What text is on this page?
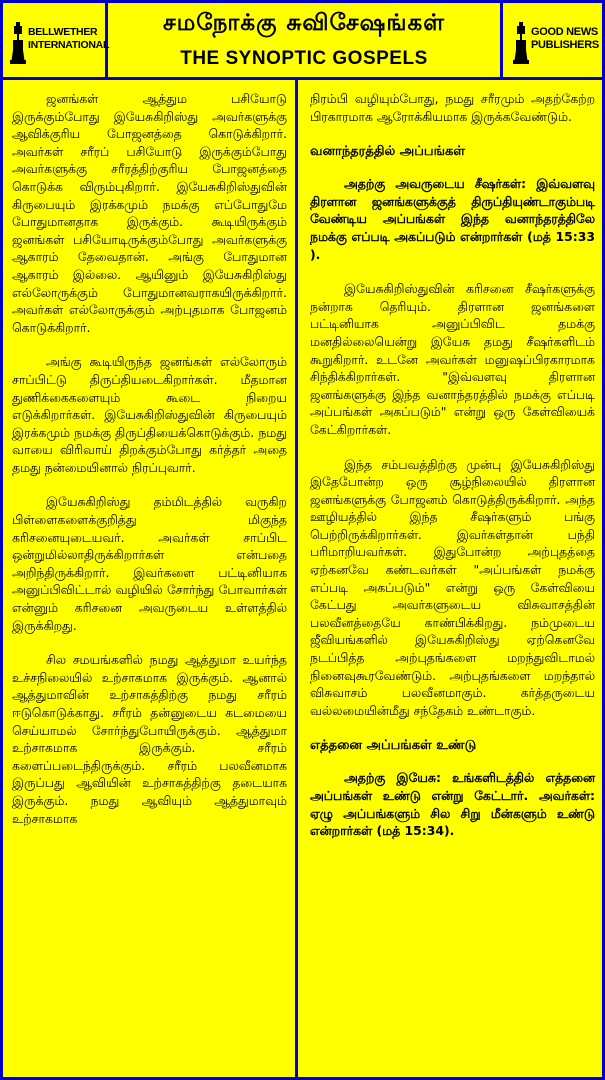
BELLWETHER
INTERNATIONAL
சமநோக்கு சுவிசேஷங்கள்
THE SYNOPTIC GOSPELS
GOOD NEWS
PUBLISHERS

ஜனங்கள் ஆத்தும பசியோடு இருக்கும்போது இயேசுகிறிஸ்து அவர்களுக்கு ஆவிக்குரிய போஜனத்தை கொடுக்கிறார். அவர்கள் சரீரப் பசியோடு இருக்கும்போது அவர்களுக்கு சரீரத்திற்குரிய போஜனத்தை கொடுக்க விரும்புகிறார். இயேசுகிறிஸ்துவின் கிருபையும் இரக்கமும் நமக்கு எப்போதுமே போதுமானதாக இருக்கும். கூடியிருக்கும் ஜனங்கள் பசியோடிருக்கும்போது அவர்களுக்கு ஆகாரம் தேவைதான். அங்கு போதுமான ஆகாரம் இல்லை. ஆயினும் இயேசுகிறிஸ்து எல்லோருக்கும் போதுமானவராகயிருக்கிறார். அவர்கள் எல்லோருக்கும் அற்புதமாக போஜனம் கொடுக்கிறார்.

அங்கு கூடியிருந்த ஜனங்கள் எல்லோரும் சாப்பிட்டு திருப்தியடைகிறார்கள். மீதமான துணிக்கைகளையும் கூடை நிறைய எடுக்கிறார்கள். இயேசுகிறிஸ்துவின் கிருபையும் இரக்கமும் நமக்கு திருப்தியைக்கொடுக்கும். நமது வாயை விரிவாய் திறக்கும்போது கர்த்தர் அதை தமது நன்மையினால் நிரப்புவார்.

இயேசுகிறிஸ்து தம்மிடத்தில் வருகிற பிள்ளைகளைக்குறித்து மிகுந்த கரிசனையுடையவர். அவர்கள் சாப்பிட ஒன்றுமில்லாதிருக்கிறார்கள் என்பதை அறிந்திருக்கிறார். இவர்களை பட்டினியாக அனுப்பிவிட்டால் வழியில் சோர்ந்து போவார்கள் என்னும் கரிசனை அவருடைய உள்ளத்தில் இருக்கிறது.

சில சமயங்களில் நமது ஆத்துமா உயர்ந்த உச்சநிலையில் உற்சாகமாக இருக்கும். ஆனால் ஆத்துமாவின் உற்சாகத்திற்கு நமது சரீரம் ஈடுகொடுக்காது. சரீரம் தன்னுடைய கடமையை செய்யாமல் சோர்ந்துபோயிருக்கும். ஆத்துமா உற்சாகமாக இருக்கும். சரீரம் களைப்படைந்திருக்கும். சரீரம் பலவீனமாக இருப்பது ஆவியின் உற்சாகத்திற்கு தடையாக இருக்கும். நமது ஆவியும் ஆத்துமாவும் உற்சாகமாக

நிரம்பி வழியும்போது, நமது சரீரமும் அதற்கேற்ற பிரகாரமாக ஆரோக்கியமாக இருக்கவேண்டும்.

வனாந்தரத்தில் அப்பங்கள்

அதற்கு அவருடைய சீஷர்கள்: இவ்வளவு திரளான ஜனங்களுக்குத் திருப்தியுண்டாகும்படி வேண்டிய அப்பங்கள் இந்த வனாந்தரத்திலே நமக்கு எப்படி அகப்படும் என்றார்கள் (மத் 15:33 ).

இயேசுகிறிஸ்துவின் கரிசனை சீஷர்களுக்கு நன்றாக தெரியும். திரளான ஜனங்களை பட்டினியாக அனுப்பிவிட தமக்கு மனதில்லையென்று இயேசு தமது சீஷர்களிடம் கூறுகிறார். உடனே அவர்கள் மனுஷப்பிரகாரமாக சிந்திக்கிறார்கள். "இவ்வளவு திரளான ஜனங்களுக்கு இந்த வனாந்தரத்தில் நமக்கு எப்படி அப்பங்கள் அகப்படும்" என்று ஒரு கேள்வியைக் கேட்கிறார்கள்.

இந்த சம்பவத்திற்கு முன்பு இயேசுகிறிஸ்து இதேபோன்ற ஒரு சூழ்நிலையில் திரளான ஜனங்களுக்கு போஜனம் கொடுத்திருக்கிறார். அந்த ஊழியத்தில் இந்த சீஷர்களும் பங்கு பெற்றிருக்கிறார்கள். இவர்கள்தான் பந்தி பரிமாறியவர்கள். இதுபோன்ற அற்புதத்தை ஏற்கனவே கண்டவர்கள் "அப்பங்கள் நமக்கு எப்படி அகப்படும்" என்று ஒரு கேள்வியை கேட்பது அவர்களுடைய விசுவாசத்தின் பலவீனத்தையே காண்பிக்கிறது. நம்முடைய ஜீவியங்களில் இயேசுகிறிஸ்து ஏற்கெனவே நடப்பித்த அற்புதங்களை மறந்துவிடாமல் நினைவுகூரவேண்டும். அற்புதங்களை மறந்தால் விசுவாசம் பலவீனமாகும். கர்த்தருடைய வல்லமையின்மீது சந்தேகம் உண்டாகும்.

எத்தனை அப்பங்கள் உண்டு

அதற்கு இயேசு: உங்களிடத்தில் எத்தனை அப்பங்கள் உண்டு என்று கேட்டார். அவர்கள்: ஏழு அப்பங்களும் சில சிறு மீன்களும் உண்டு என்றார்கள் (மத் 15:34).
